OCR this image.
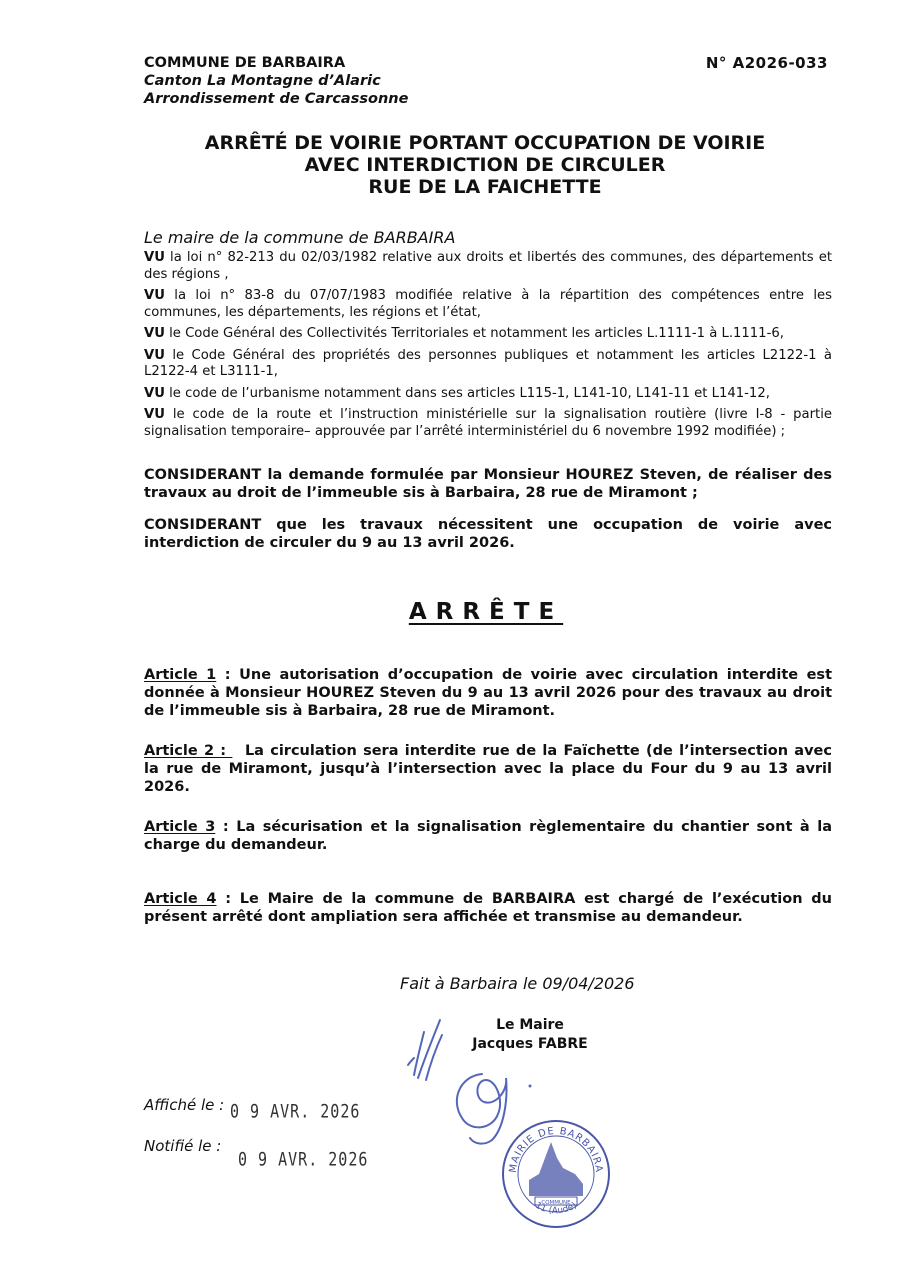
COMMUNE DE BARBAIRA
Canton La Montagne d’Alaric
Arrondissement de Carcassonne
N° A2026-033
ARRÊTÉ DE VOIRIE PORTANT OCCUPATION DE VOIRIE
AVEC INTERDICTION DE CIRCULER
RUE DE LA FAICHETTE
Le maire de la commune de BARBAIRA

VU la loi n° 82-213 du 02/03/1982 relative aux droits et libertés des communes, des départements et des régions ,

VU la loi n° 83-8 du 07/07/1983 modifiée relative à la répartition des compétences entre les communes, les départements, les régions et l’état,

VU le Code Général des Collectivités Territoriales et notamment les articles L.1111-1 à L.1111-6,

VU le Code Général des propriétés des personnes publiques et notamment les articles L2122-1 à L2122-4 et L3111-1,

VU le code de l’urbanisme notamment dans ses articles L115-1, L141-10, L141-11 et L141-12,

VU le code de la route et l’instruction ministérielle sur la signalisation routière (livre I-8 - partie signalisation temporaire– approuvée par l’arrêté interministériel du 6 novembre 1992 modifiée) ;

CONSIDERANT la demande formulée par Monsieur HOUREZ Steven, de réaliser des travaux au droit de l’immeuble sis à Barbaira, 28 rue de Miramont ;
CONSIDERANT que les travaux nécessitent une occupation de voirie avec interdiction de circuler du 9 au 13 avril 2026.
ARRÊTE
Article 1 : Une autorisation d’occupation de voirie avec circulation interdite est donnée à Monsieur HOUREZ Steven du 9 au 13 avril 2026 pour des travaux au droit de l’immeuble sis à Barbaira, 28 rue de Miramont.
Article 2 :   La circulation sera interdite rue de la Faïchette (de l’intersection avec la rue de Miramont, jusqu’à l’intersection avec la place du Four du 9 au 13 avril 2026.
Article 3 : La sécurisation et la signalisation règlementaire du chantier sont à la charge du demandeur.
Article 4 : Le Maire de la commune de BARBAIRA est chargé de l’exécution du présent arrêté dont ampliation sera affichée et transmise au demandeur.
Fait à Barbaira le 09/04/2026
Le Maire
Jacques FABRE
Affiché le : 0 9 AVR. 2026
Notifié le :
0 9 AVR. 2026	MAIRIE DE BARBAIRA
11 (Aude)
COMMUNE
